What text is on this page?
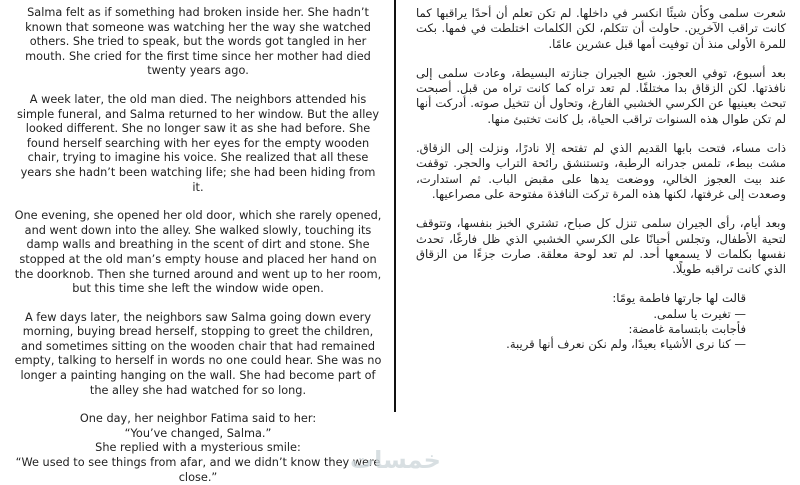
Salma felt as if something had broken inside her. She hadn’t known that someone was watching her the way she watched others. She tried to speak, but the words got tangled in her mouth. She cried for the first time since her mother had died twenty years ago.

A week later, the old man died. The neighbors attended his simple funeral, and Salma returned to her window. But the alley looked different. She no longer saw it as she had before. She found herself searching with her eyes for the empty wooden chair, trying to imagine his voice. She realized that all these years she hadn’t been watching life; she had been hiding from it.

One evening, she opened her old door, which she rarely opened, and went down into the alley. She walked slowly, touching its damp walls and breathing in the scent of dirt and stone. She stopped at the old man’s empty house and placed her hand on the doorknob. Then she turned around and went up to her room, but this time she left the window wide open.

A few days later, the neighbors saw Salma going down every morning, buying bread herself, stopping to greet the children, and sometimes sitting on the wooden chair that had remained empty, talking to herself in words no one could hear. She was no longer a painting hanging on the wall. She had become part of the alley she had watched for so long.

One day, her neighbor Fatima said to her:
“You’ve changed, Salma.”
She replied with a mysterious smile:
“We used to see things from afar, and we didn’t know they were close.”

شعرت سلمى وكأن شيئًا انكسر في داخلها. لم تكن تعلم أن أحدًا يراقبها كما كانت تراقب الآخرين. حاولت أن تتكلم، لكن الكلمات اختلطت في فمها. بكت للمرة الأولى منذ أن توفيت أمها قبل عشرين عامًا.

بعد أسبوع، توفي العجوز. شيع الجيران جنازته البسيطة، وعادت سلمى إلى نافذتها. لكن الزقاق بدا مختلفًا. لم تعد تراه كما كانت تراه من قبل. أصبحت تبحث بعينيها عن الكرسي الخشبي الفارغ، وتحاول أن تتخيل صوته. أدركت أنها لم تكن طوال هذه السنوات تراقب الحياة، بل كانت تختبئ منها.

ذات مساء، فتحت بابها القديم الذي لم تفتحه إلا نادرًا، ونزلت إلى الزقاق. مشت ببطء، تلمس جدرانه الرطبة، وتستنشق رائحة التراب والحجر. توقفت عند بيت العجوز الخالي، ووضعت يدها على مقبض الباب. ثم استدارت، وصعدت إلى غرفتها، لكنها هذه المرة تركت النافذة مفتوحة على مصراعيها.

وبعد أيام، رأى الجيران سلمى تنزل كل صباح، تشتري الخبز بنفسها، وتتوقف لتحية الأطفال، وتجلس أحيانًا على الكرسي الخشبي الذي ظل فارغًا، تحدث نفسها بكلمات لا يسمعها أحد. لم تعد لوحة معلقة. صارت جزءًا من الزقاق الذي كانت تراقبه طويلًا.

قالت لها جارتها فاطمة يومًا:
— تغيرت يا سلمى.
فأجابت بابتسامة غامضة:
— كنا نرى الأشياء بعيدًا، ولم نكن نعرف أنها قريبة.
خمسات
